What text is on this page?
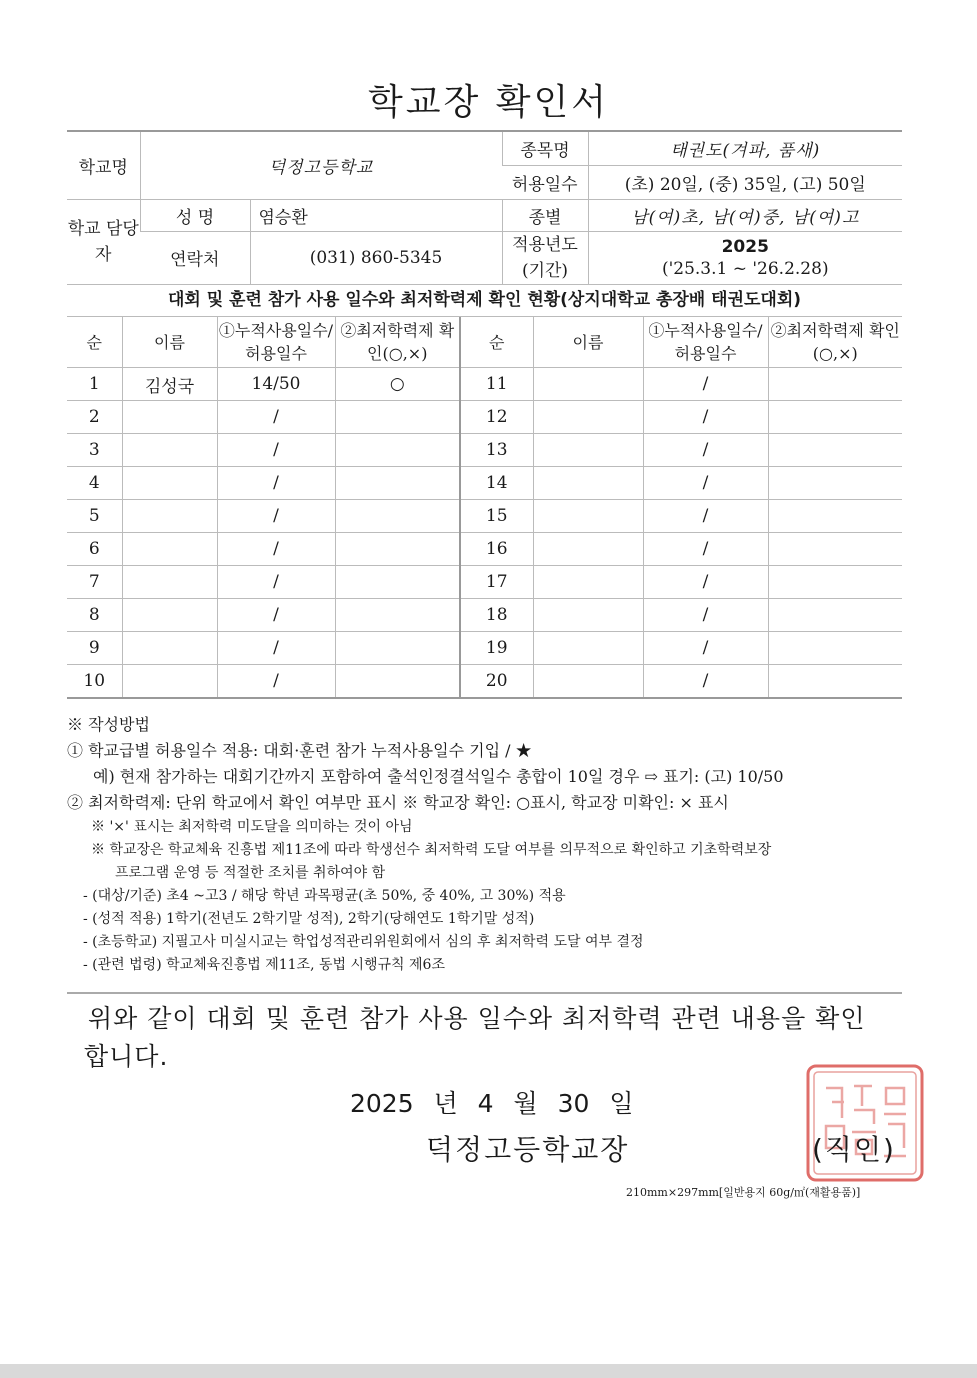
학교장 확인서
학교명	덕정고등학교		종목명	태권도(겨파, 품새)
			허용일수	(초) 20일, (중) 35일, (고) 50일
학교 담당자	성 명	염승환	종별	남(여)초, 남(여)중, 남(여)고
	연락처	(031) 860-5345	적용년도 (기간)	2025
('25.3.1 ~ '26.2.28)
대회 및 훈련 참가 사용 일수와 최저학력제 확인 현황(상지대학교 총장배 태권도대회)
순	이름	①누적사용일수/ 허용일수	②최저학력제 확인(○,×)	순	이름	①누적사용일수/ 허용일수	②최저학력제 확인(○,×)
1	김성국	14/50	○	11		/	
2		/		12		/	
3		/		13		/	
4		/		14		/	
5		/		15		/	
6		/		16		/	
7		/		17		/	
8		/		18		/	
9		/		19		/	
10		/		20		/	
※ 작성방법
① 학교급별 허용일수 적용: 대회·훈련 참가 누적사용일수 기입 / ★
예) 현재 참가하는 대회기간까지 포함하여 출석인정결석일수 총합이 10일 경우 ⇨ 표기: (고) 10/50
② 최저학력제: 단위 학교에서 확인 여부만 표시 ※ 학교장 확인: ○표시, 학교장 미확인: × 표시
※ '×' 표시는 최저학력 미도달을 의미하는 것이 아님
※ 학교장은 학교체육 진흥법 제11조에 따라 학생선수 최저학력 도달 여부를 의무적으로 확인하고 기초학력보장
프로그램 운영 등 적절한 조치를 취하여야 함
- (대상/기준) 초4 ~고3 / 해당 학년 과목평균(초 50%, 중 40%, 고 30%) 적용
- (성적 적용) 1학기(전년도 2학기말 성적), 2학기(당해연도 1학기말 성적)
- (초등학교) 지필고사 미실시교는 학업성적관리위원회에서 심의 후 최저학력 도달 여부 결정
- (관련 법령) 학교체육진흥법 제11조, 동법 시행규칙 제6조
위와 같이 대회 및 훈련 참가 사용 일수와 최저학력 관련 내용을 확인
합니다.
2025 년 4 월 30 일
덕정고등학교장	(직인)
210mm×297mm[일반용지 60g/㎡(재활용품)]
